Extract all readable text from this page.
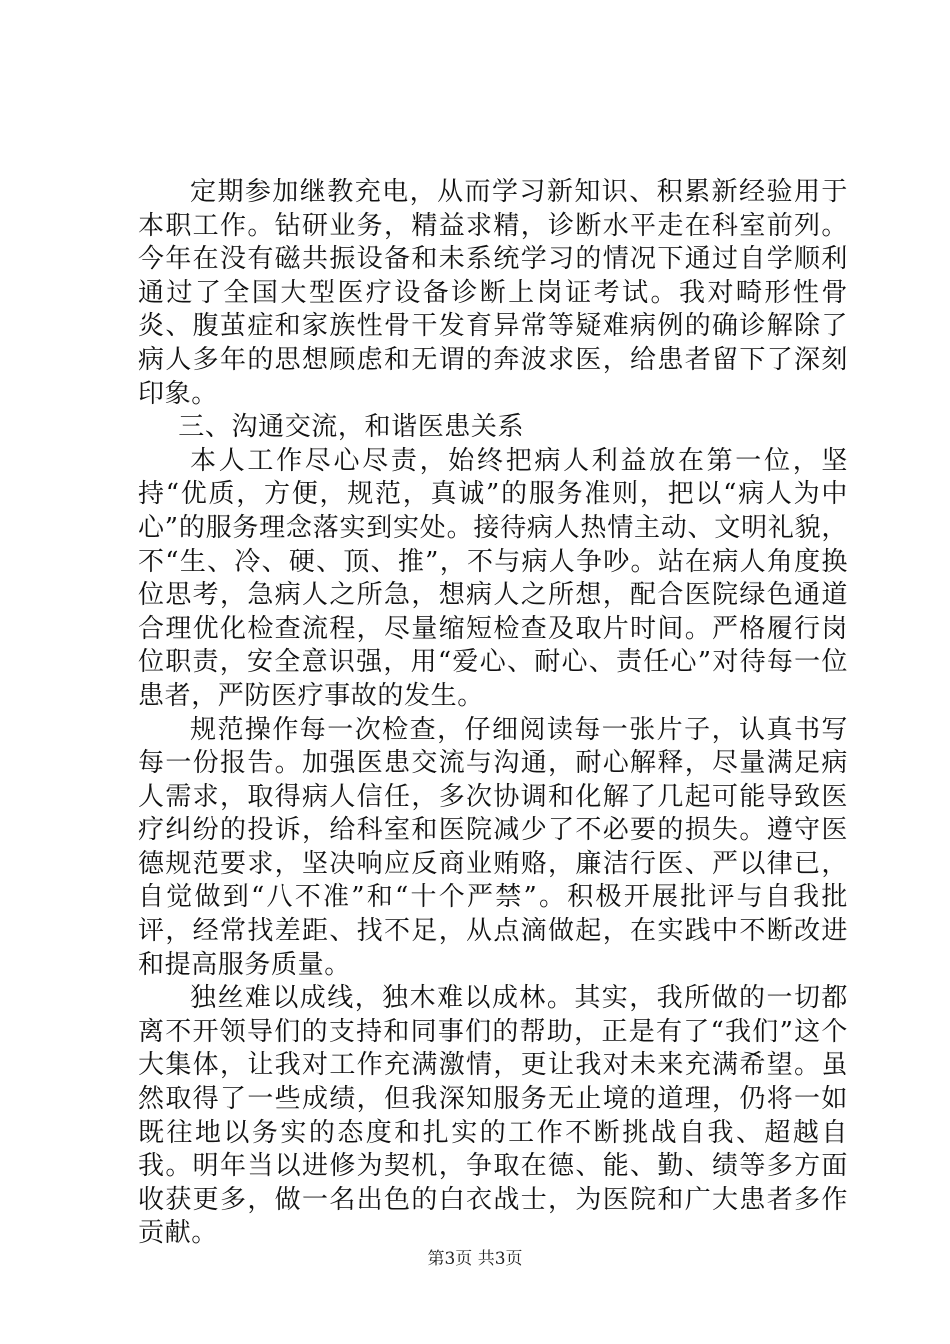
定期参加继教充电，从而学习新知识、积累新经验用于本职工作。钻研业务，精益求精，诊断水平走在科室前列。今年在没有磁共振设备和未系统学习的情况下通过自学顺利通过了全国大型医疗设备诊断上岗证考试。我对畸形性骨炎、腹茧症和家族性骨干发育异常等疑难病例的确诊解除了病人多年的思想顾虑和无谓的奔波求医，给患者留下了深刻印象。

三、沟通交流，和谐医患关系

本人工作尽心尽责，始终把病人利益放在第一位，坚持“优质，方便，规范，真诚”的服务准则，把以“病人为中心”的服务理念落实到实处。接待病人热情主动、文明礼貌，不“生、冷、硬、顶、推”，不与病人争吵。站在病人角度换位思考，急病人之所急，想病人之所想，配合医院绿色通道合理优化检查流程，尽量缩短检查及取片时间。严格履行岗位职责，安全意识强，用“爱心、耐心、责任心”对待每一位患者，严防医疗事故的发生。

规范操作每一次检查，仔细阅读每一张片子，认真书写每一份报告。加强医患交流与沟通，耐心解释，尽量满足病人需求，取得病人信任，多次协调和化解了几起可能导致医疗纠纷的投诉，给科室和医院减少了不必要的损失。遵守医德规范要求，坚决响应反商业贿赂，廉洁行医、严以律已，自觉做到“八不准”和“十个严禁”。积极开展批评与自我批评，经常找差距、找不足，从点滴做起，在实践中不断改进和提高服务质量。

独丝难以成线，独木难以成林。其实，我所做的一切都离不开领导们的支持和同事们的帮助，正是有了“我们”这个大集体，让我对工作充满激情，更让我对未来充满希望。虽然取得了一些成绩，但我深知服务无止境的道理，仍将一如既往地以务实的态度和扎实的工作不断挑战自我、超越自我。明年当以进修为契机，争取在德、能、勤、绩等多方面收获更多，做一名出色的白衣战士，为医院和广大患者多作贡献。

第3页 共3页
